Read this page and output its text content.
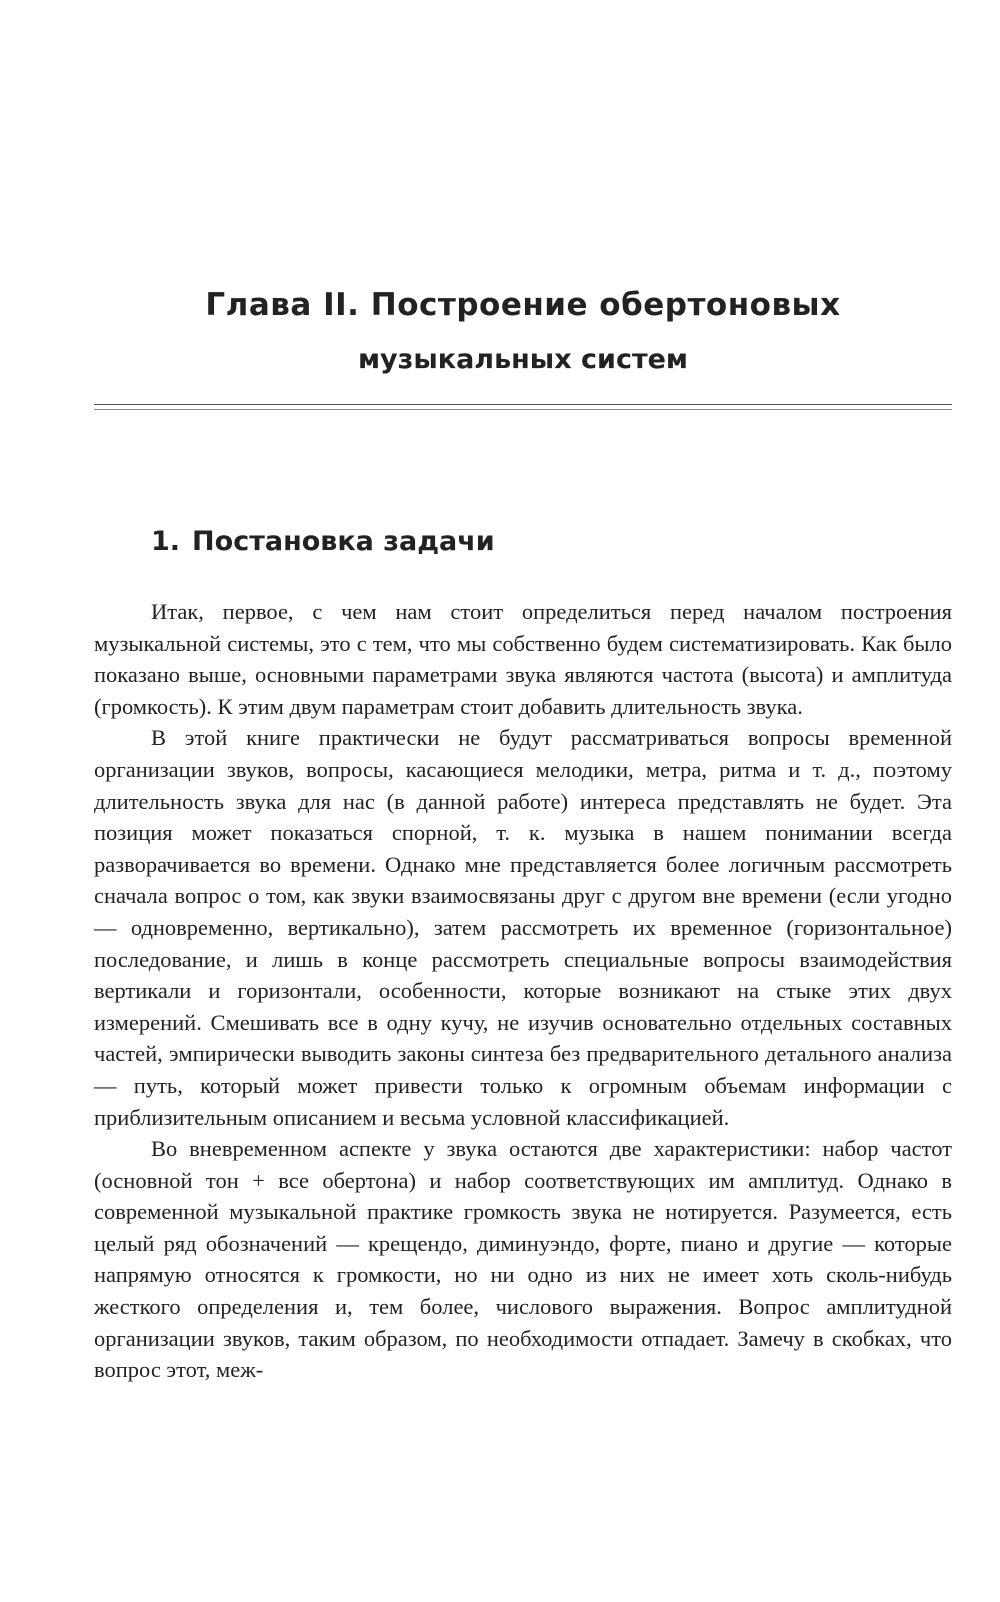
Глава II. Построение обертоновых
музыкальных систем
1. Постановка задачи

Итак, первое, с чем нам стоит определиться перед началом построения музыкальной системы, это с тем, что мы собственно будем систематизировать. Как было показано выше, основными параметрами звука являются частота (высота) и амплитуда (громкость). К этим двум параметрам стоит добавить длительность звука.

В этой книге практически не будут рассматриваться вопросы временной организации звуков, вопросы, касающиеся мелодики, метра, ритма и т. д., поэтому длительность звука для нас (в данной работе) интереса представлять не будет. Эта позиция может показаться спорной, т. к. музыка в нашем понимании всегда разворачивается во времени. Однако мне представляется более логичным рассмотреть сначала вопрос о том, как звуки взаимосвязаны друг с другом вне времени (если угодно — одновременно, вертикально), затем рассмотреть их временное (горизонтальное) последование, и лишь в конце рассмотреть специальные вопросы взаимодействия вертикали и горизонтали, особенности, которые возникают на стыке этих двух измерений. Смешивать все в одну кучу, не изучив основательно отдельных составных частей, эмпирически выводить законы синтеза без предварительного детального анализа — путь, который может привести только к огромным объемам информации с приблизительным описанием и весьма условной классификацией.

Во вневременном аспекте у звука остаются две характеристики: набор частот (основной тон + все обертона) и набор соответствующих им амплитуд. Однако в современной музыкальной практике громкость звука не нотируется. Разумеется, есть целый ряд обозначений — крещендо, диминуэндо, форте, пиано и другие — которые напрямую относятся к громкости, но ни одно из них не имеет хоть сколь-нибудь жесткого определения и, тем более, числового выражения. Вопрос амплитудной организации звуков, таким образом, по необходимости отпадает. Замечу в скобках, что вопрос этот, меж-
